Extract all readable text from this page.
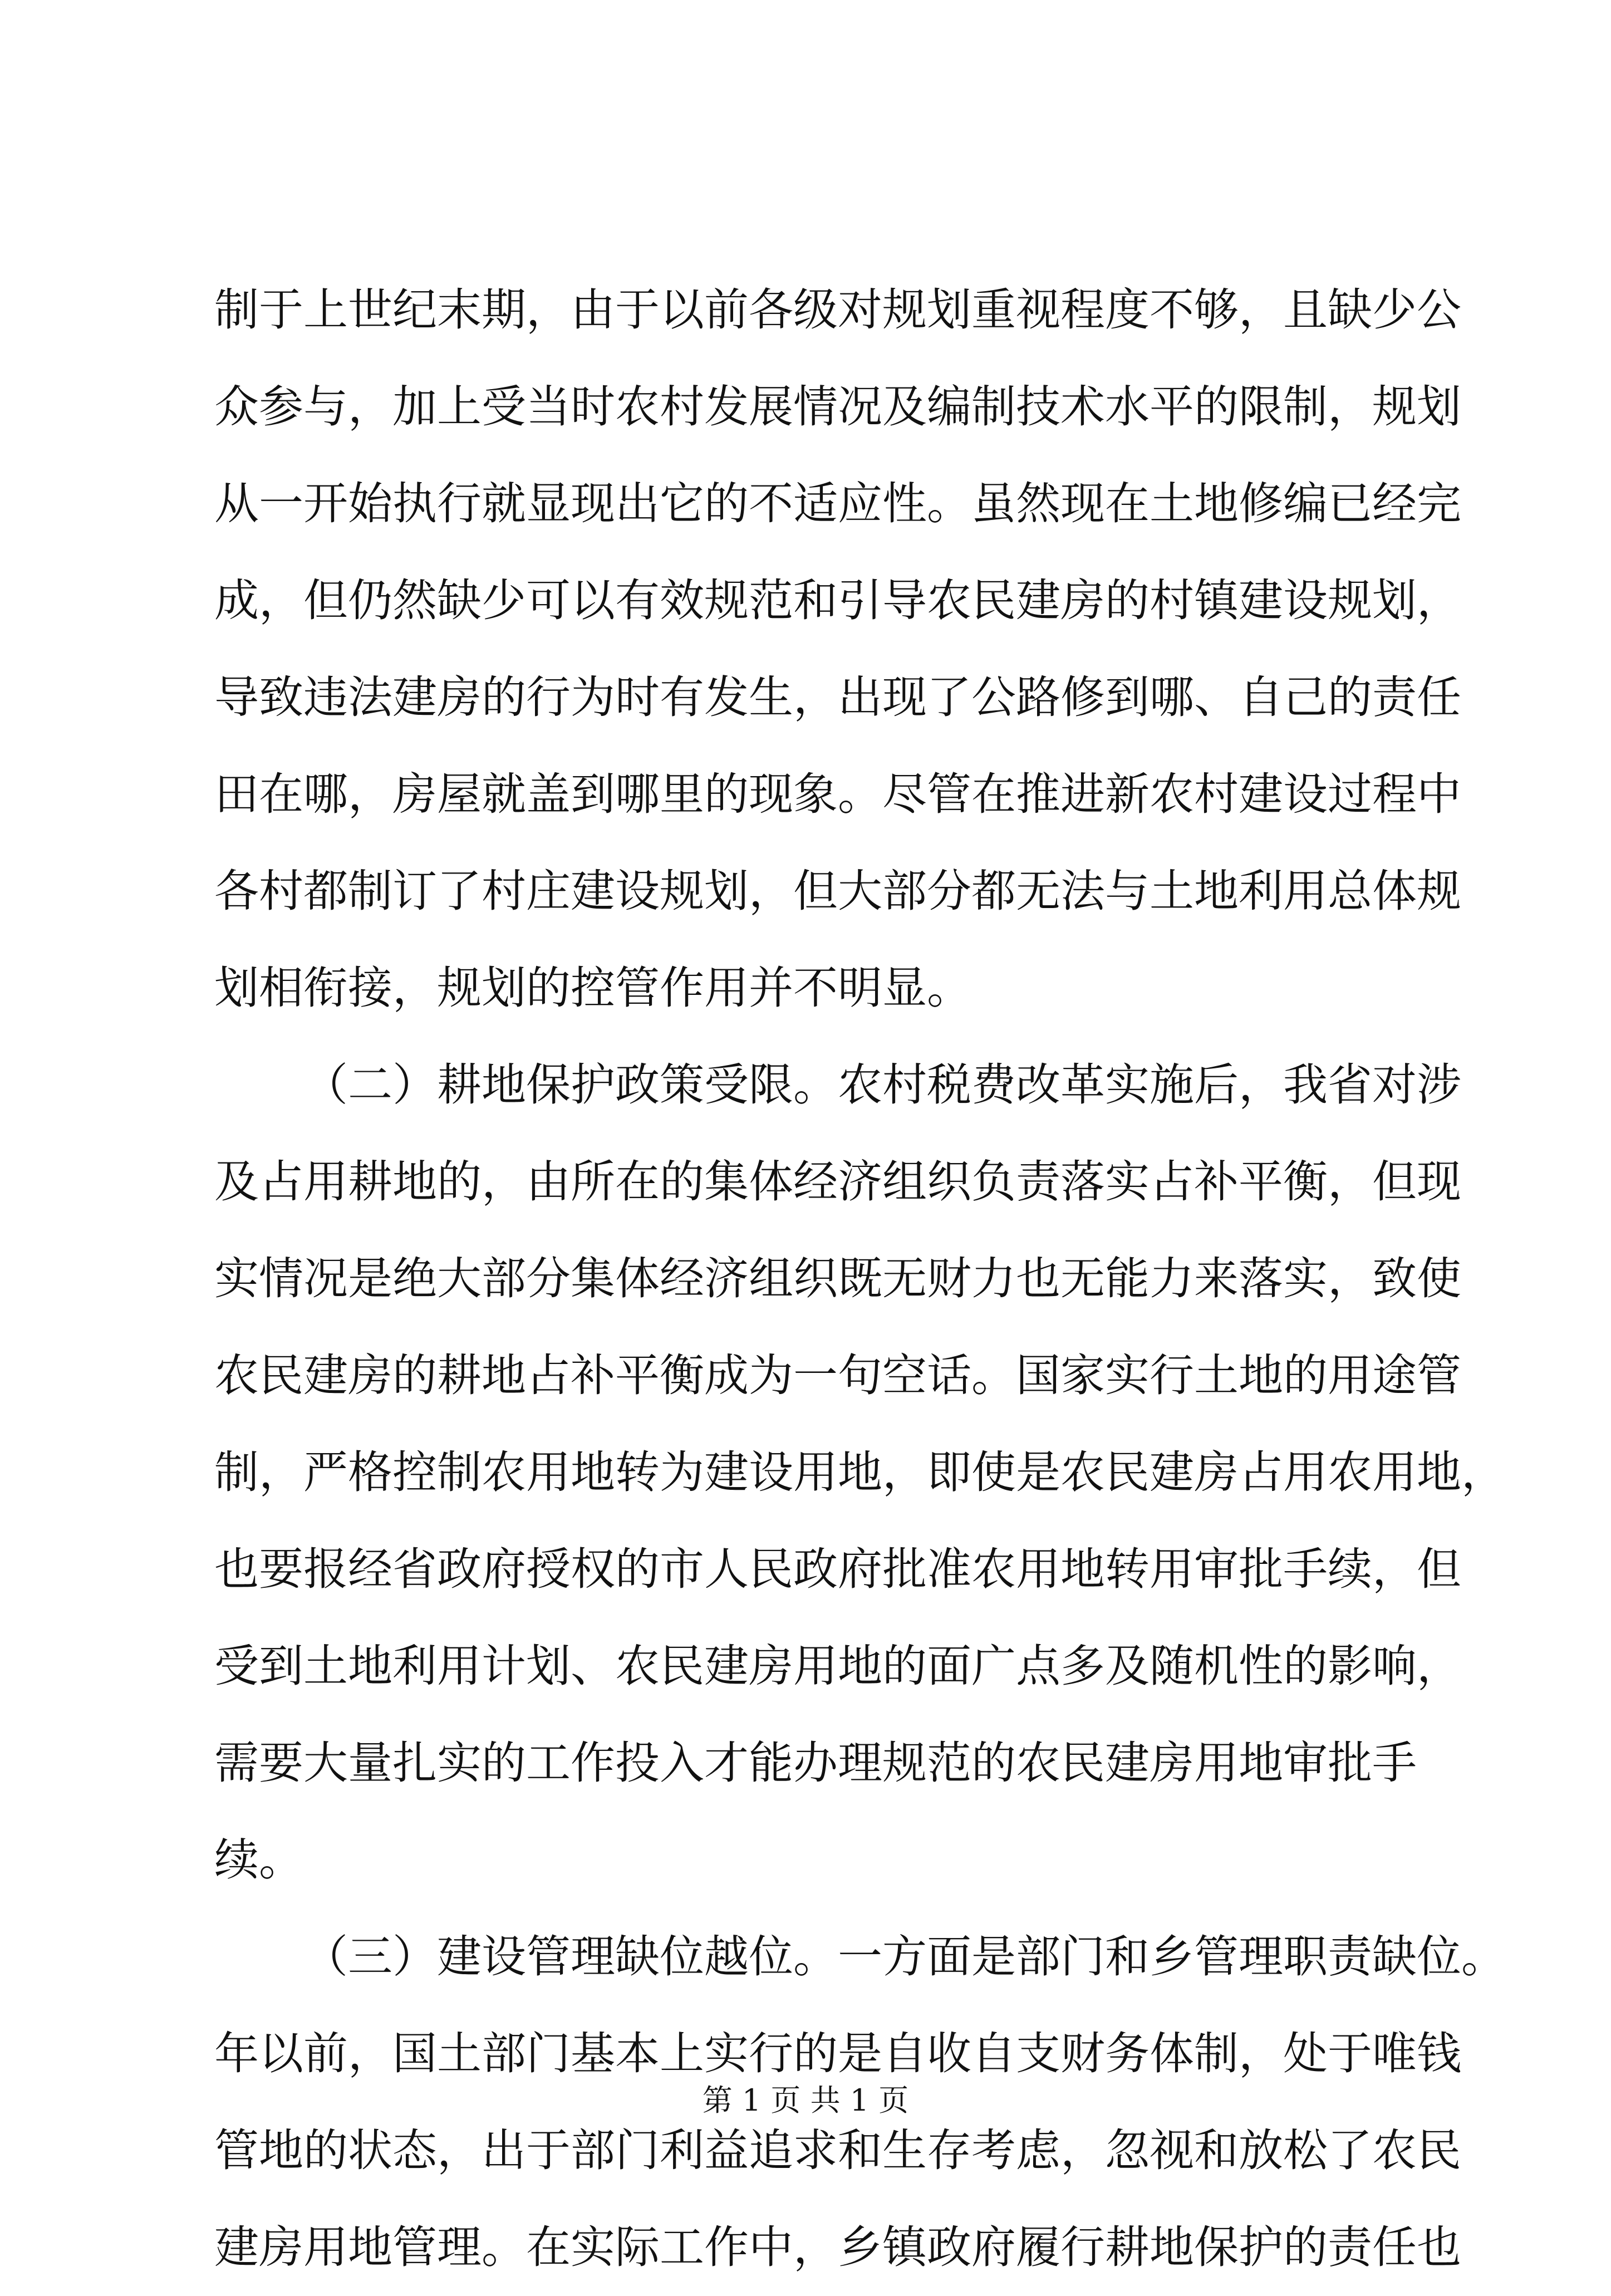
制于上世纪末期，由于以前各级对规划重视程度不够，且缺少公
众参与，加上受当时农村发展情况及编制技术水平的限制，规划
从一开始执行就显现出它的不适应性。虽然现在土地修编已经完
成，但仍然缺少可以有效规范和引导农民建房的村镇建设规划，
导致违法建房的行为时有发生，出现了公路修到哪、自己的责任
田在哪，房屋就盖到哪里的现象。尽管在推进新农村建设过程中
各村都制订了村庄建设规划，但大部分都无法与土地利用总体规
划相衔接，规划的控管作用并不明显。
（二）耕地保护政策受限。农村税费改革实施后，我省对涉
及占用耕地的，由所在的集体经济组织负责落实占补平衡，但现
实情况是绝大部分集体经济组织既无财力也无能力来落实，致使
农民建房的耕地占补平衡成为一句空话。国家实行土地的用途管
制，严格控制农用地转为建设用地，即使是农民建房占用农用地，
也要报经省政府授权的市人民政府批准农用地转用审批手续，但
受到土地利用计划、农民建房用地的面广点多及随机性的影响，
需要大量扎实的工作投入才能办理规范的农民建房用地审批手
续。
（三）建设管理缺位越位。一方面是部门和乡管理职责缺位。
年以前，国土部门基本上实行的是自收自支财务体制，处于唯钱
管地的状态，出于部门利益追求和生存考虑，忽视和放松了农民
建房用地管理。在实际工作中，乡镇政府履行耕地保护的责任也
第 1 页 共 1 页
